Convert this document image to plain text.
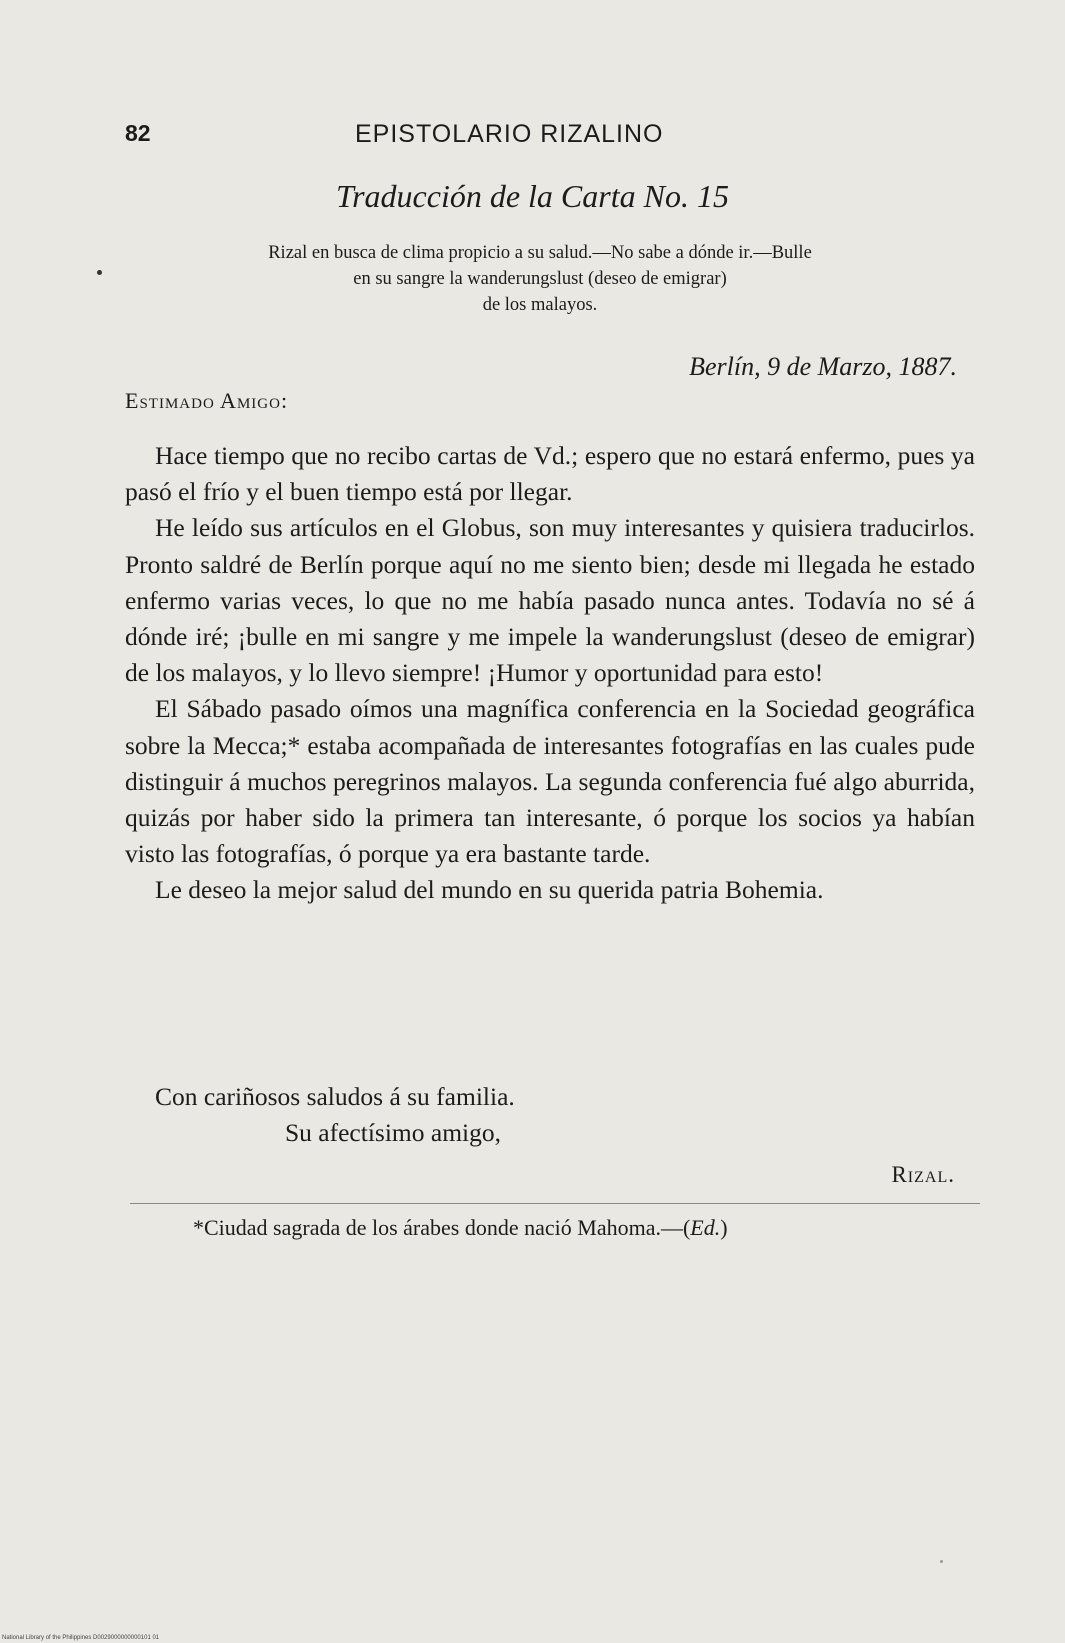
82	EPISTOLARIO RIZALINO
Traducción de la Carta No. 15
Rizal en busca de clima propicio a su salud.—No sabe a dónde ir.—Bulle
en su sangre la wanderungslust (deseo de emigrar)
de los malayos.
Berlín, 9 de Marzo, 1887.
Estimado Amigo:

Hace tiempo que no recibo cartas de Vd.; espero que no estará enfermo, pues ya pasó el frío y el buen tiempo está por llegar.

He leído sus artículos en el Globus, son muy interesantes y quisiera traducirlos. Pronto saldré de Berlín porque aquí no me siento bien; desde mi llegada he estado enfermo varias veces, lo que no me había pasado nunca antes. Todavía no sé á dónde iré; ¡bulle en mi sangre y me impele la wanderungslust (deseo de emigrar) de los malayos, y lo llevo siempre! ¡Humor y oportunidad para esto!

El Sábado pasado oímos una magnífica conferencia en la Sociedad geográfica sobre la Mecca;* estaba acompañada de interesantes fotografías en las cuales pude distinguir á muchos peregrinos malayos. La segunda conferencia fué algo aburrida, quizás por haber sido la primera tan interesante, ó porque los socios ya habían visto las fotografías, ó porque ya era bastante tarde.

Le deseo la mejor salud del mundo en su querida patria Bohemia.

Con cariñosos saludos á su familia.
Su afectísimo amigo,
Rizal.
*Ciudad sagrada de los árabes donde nació Mahoma.—(Ed.)
National Library of the Philippines D0029000000000101 01
